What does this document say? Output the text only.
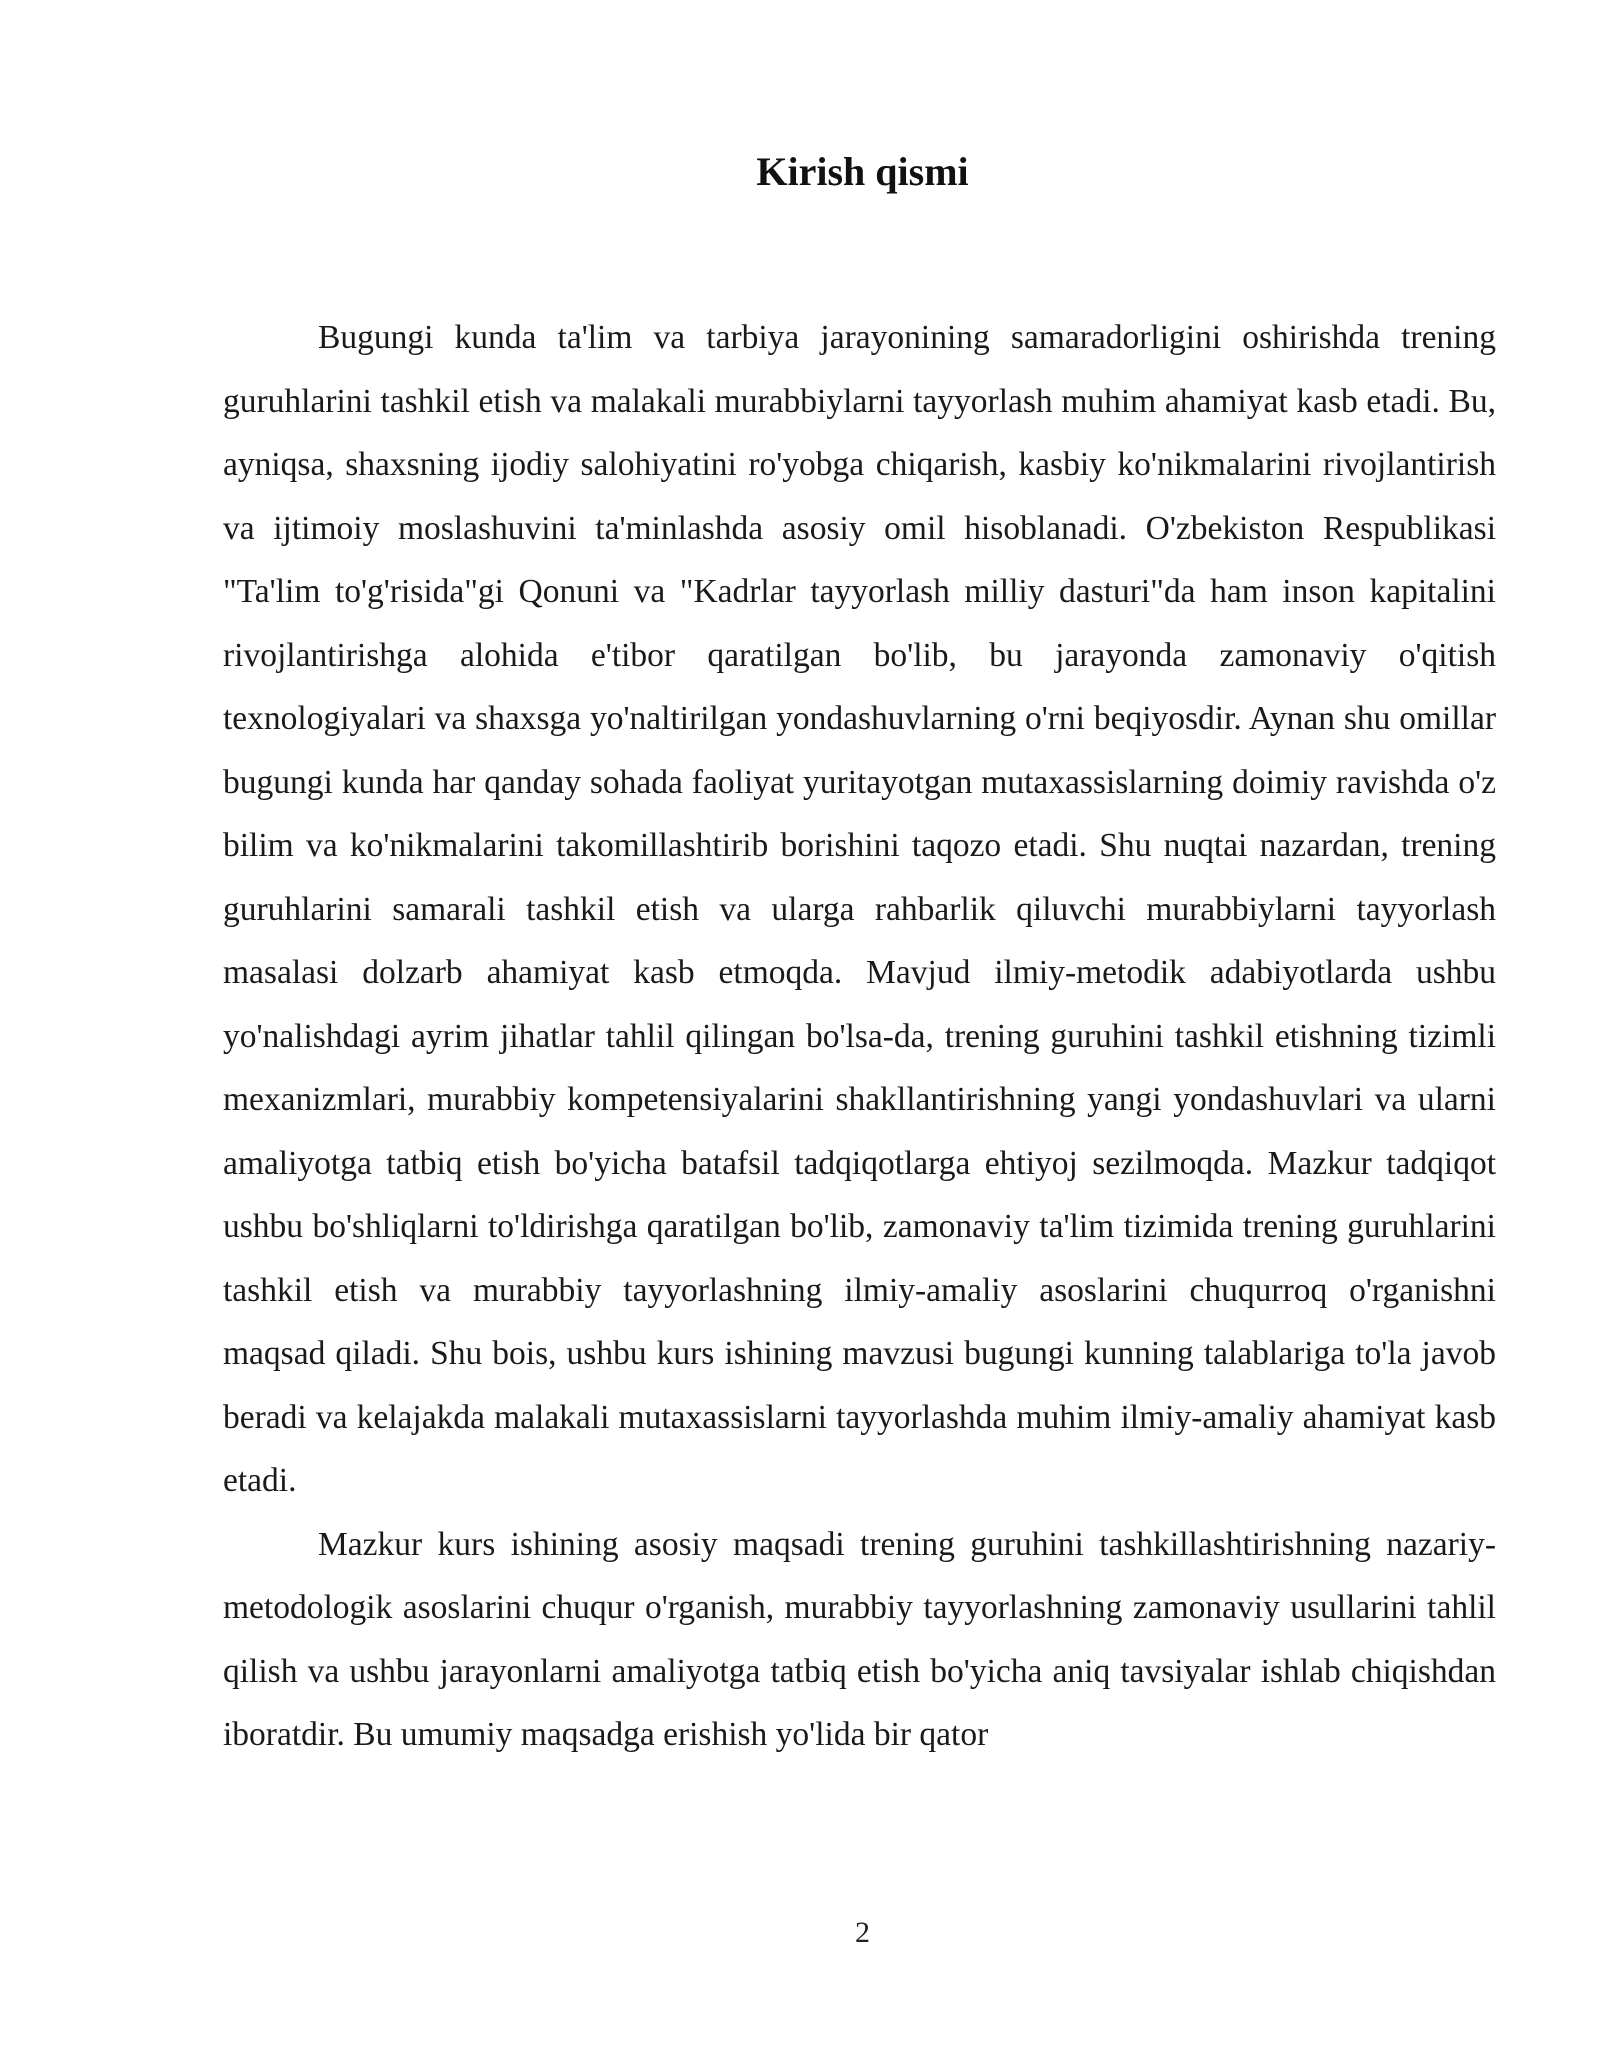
Kirish qismi

Bugungi kunda ta'lim va tarbiya jarayonining samaradorligini oshirishda trening guruhlarini tashkil etish va malakali murabbiylarni tayyorlash muhim ahamiyat kasb etadi. Bu, ayniqsa, shaxsning ijodiy salohiyatini ro'yobga chiqarish, kasbiy ko'nikmalarini rivojlantirish va ijtimoiy moslashuvini ta'minlashda asosiy omil hisoblanadi. O'zbekiston Respublikasi "Ta'lim to'g'risida"gi Qonuni va "Kadrlar tayyorlash milliy dasturi"da ham inson kapitalini rivojlantirishga alohida e'tibor qaratilgan bo'lib, bu jarayonda zamonaviy o'qitish texnologiyalari va shaxsga yo'naltirilgan yondashuvlarning o'rni beqiyosdir. Aynan shu omillar bugungi kunda har qanday sohada faoliyat yuritayotgan mutaxassislarning doimiy ravishda o'z bilim va ko'nikmalarini takomillashtirib borishini taqozo etadi. Shu nuqtai nazardan, trening guruhlarini samarali tashkil etish va ularga rahbarlik qiluvchi murabbiylarni tayyorlash masalasi dolzarb ahamiyat kasb etmoqda. Mavjud ilmiy-metodik adabiyotlarda ushbu yo'nalishdagi ayrim jihatlar tahlil qilingan bo'lsa-da, trening guruhini tashkil etishning tizimli mexanizmlari, murabbiy kompetensiyalarini shakllantirishning yangi yondashuvlari va ularni amaliyotga tatbiq etish bo'yicha batafsil tadqiqotlarga ehtiyoj sezilmoqda. Mazkur tadqiqot ushbu bo'shliqlarni to'ldirishga qaratilgan bo'lib, zamonaviy ta'lim tizimida trening guruhlarini tashkil etish va murabbiy tayyorlashning ilmiy-amaliy asoslarini chuqurroq o'rganishni maqsad qiladi. Shu bois, ushbu kurs ishining mavzusi bugungi kunning talablariga to'la javob beradi va kelajakda malakali mutaxassislarni tayyorlashda muhim ilmiy-amaliy ahamiyat kasb etadi.

Mazkur kurs ishining asosiy maqsadi trening guruhini tashkillashtirishning nazariy-metodologik asoslarini chuqur o'rganish, murabbiy tayyorlashning zamonaviy usullarini tahlil qilish va ushbu jarayonlarni amaliyotga tatbiq etish bo'yicha aniq tavsiyalar ishlab chiqishdan iboratdir. Bu umumiy maqsadga erishish yo'lida bir qator

2
